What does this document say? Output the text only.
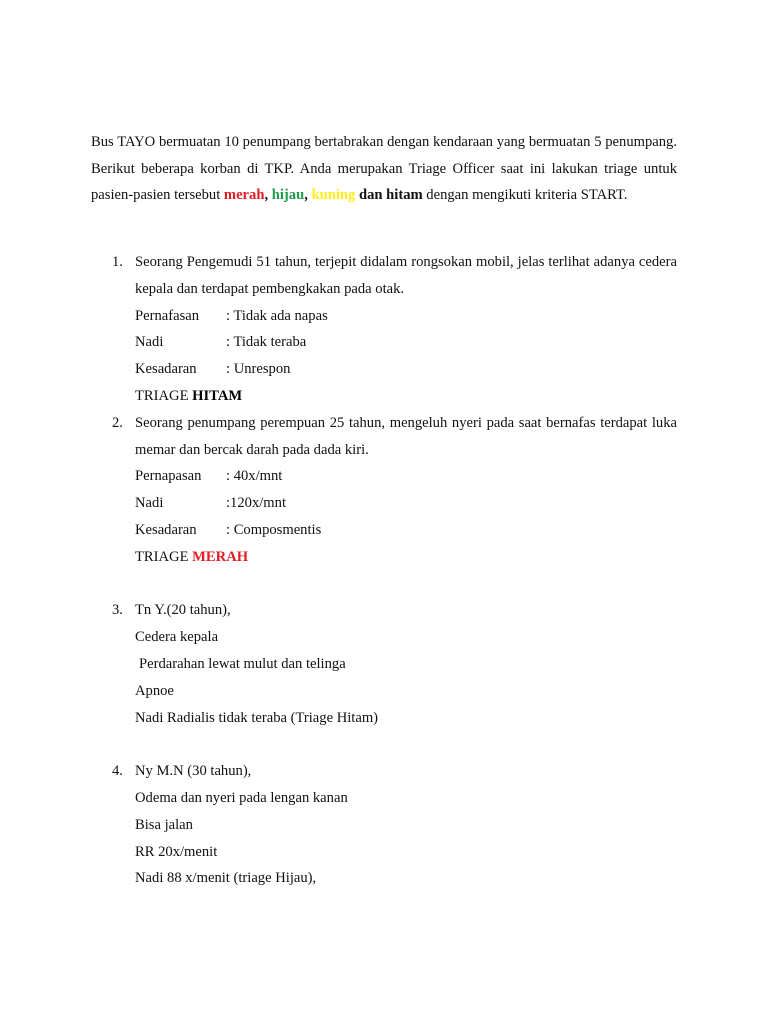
Bus TAYO bermuatan 10 penumpang bertabrakan dengan kendaraan yang bermuatan 5 penumpang. Berikut beberapa korban di TKP. Anda merupakan Triage Officer saat ini lakukan triage untuk pasien-pasien tersebut merah, hijau, kuning dan hitam dengan mengikuti kriteria START.

1. Seorang Pengemudi 51 tahun, terjepit didalam rongsokan mobil, jelas terlihat adanya cedera kepala dan terdapat pembengkakan pada otak.
Pernafasan	: Tidak ada napas
Nadi	: Tidak teraba
Kesadaran	: Unrespon
TRIAGE HITAM
2. Seorang penumpang perempuan 25 tahun, mengeluh nyeri pada saat bernafas terdapat luka memar dan bercak darah pada dada kiri.
Pernapasan	: 40x/mnt
Nadi	:120x/mnt
Kesadaran	: Composmentis
TRIAGE MERAH
3. Tn Y.(20 tahun),
Cedera kepala
Perdarahan lewat mulut dan telinga
Apnoe
Nadi Radialis tidak teraba (Triage Hitam)
4. Ny M.N (30 tahun),
Odema dan nyeri pada lengan kanan
Bisa jalan
RR 20x/menit
Nadi 88 x/menit (triage Hijau),
